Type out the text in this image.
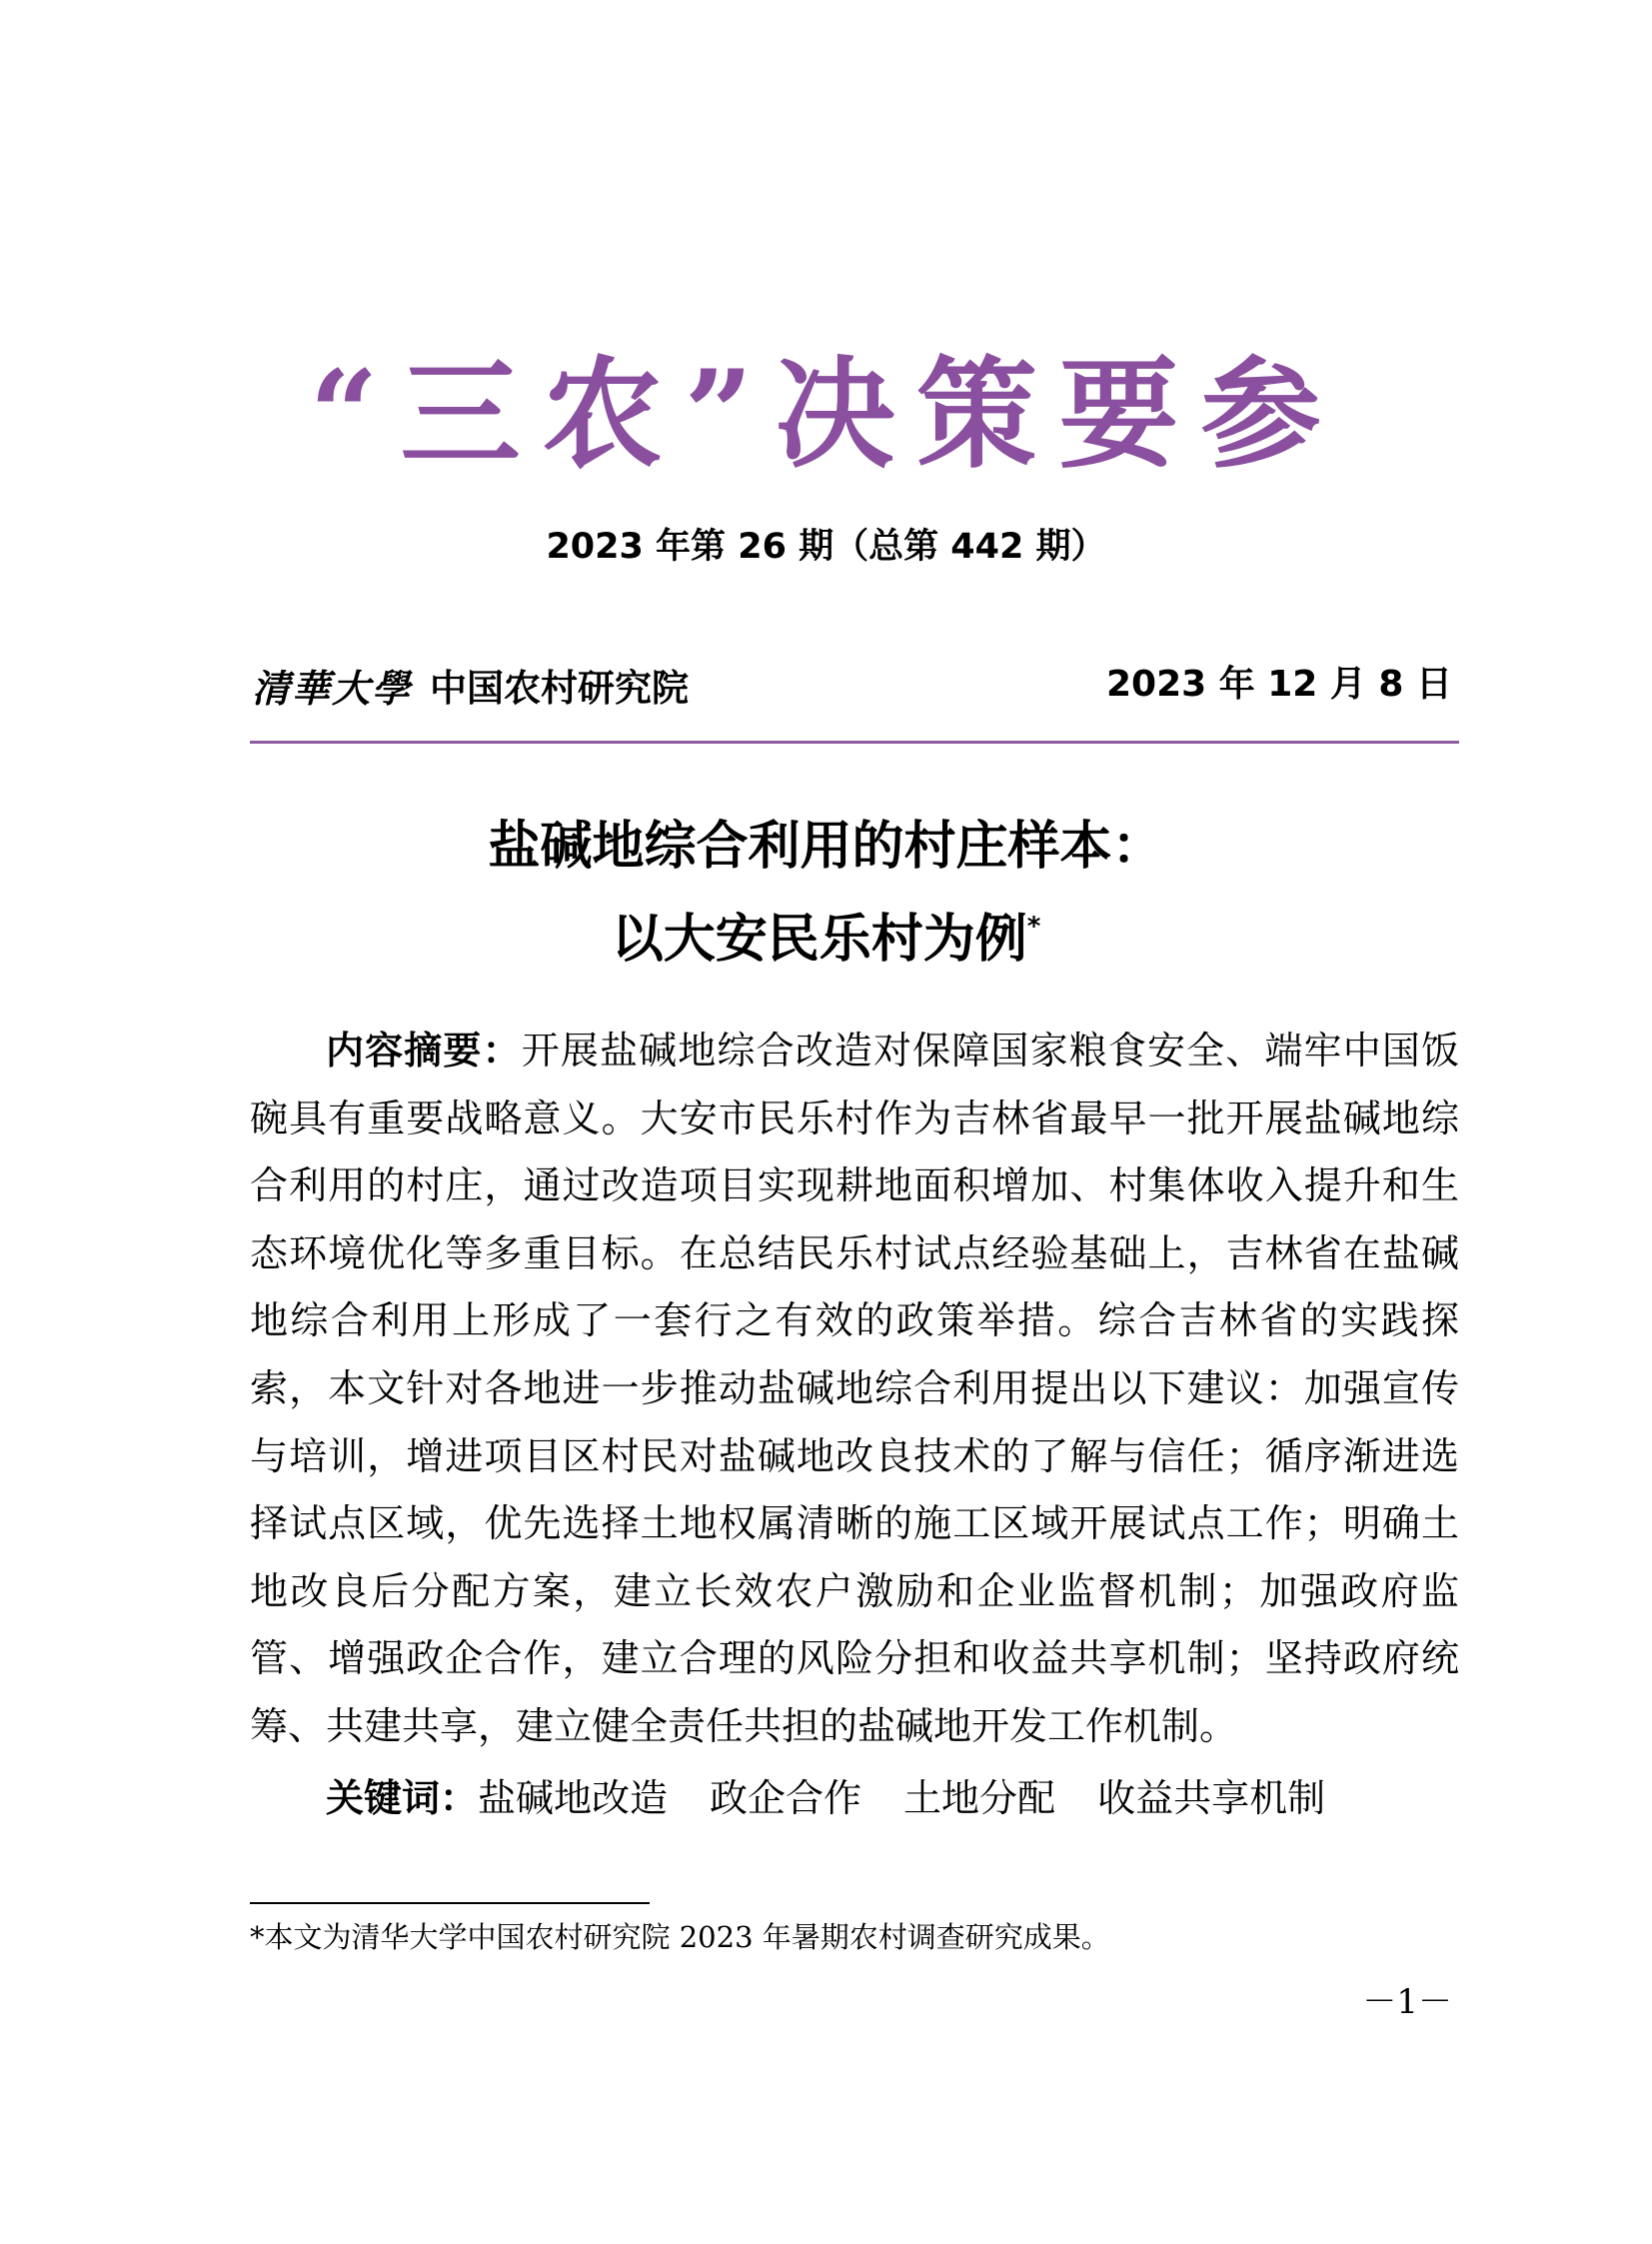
“三农”决策要参
2023 年第 26 期（总第 442 期）
清華大學 中国农村研究院	2023 年 12 月 8 日
盐碱地综合利用的村庄样本：
以大安民乐村为例*

内容摘要：开展盐碱地综合改造对保障国家粮食安全、端牢中国饭碗具有重要战略意义。大安市民乐村作为吉林省最早一批开展盐碱地综合利用的村庄，通过改造项目实现耕地面积增加、村集体收入提升和生态环境优化等多重目标。在总结民乐村试点经验基础上，吉林省在盐碱地综合利用上形成了一套行之有效的政策举措。综合吉林省的实践探索，本文针对各地进一步推动盐碱地综合利用提出以下建议：加强宣传与培训，增进项目区村民对盐碱地改良技术的了解与信任；循序渐进选择试点区域，优先选择土地权属清晰的施工区域开展试点工作；明确土地改良后分配方案，建立长效农户激励和企业监督机制；加强政府监管、增强政企合作，建立合理的风险分担和收益共享机制；坚持政府统筹、共建共享，建立健全责任共担的盐碱地开发工作机制。

关键词：盐碱地改造 政企合作 土地分配 收益共享机制
*本文为清华大学中国农村研究院 2023 年暑期农村调查研究成果。
－1－
